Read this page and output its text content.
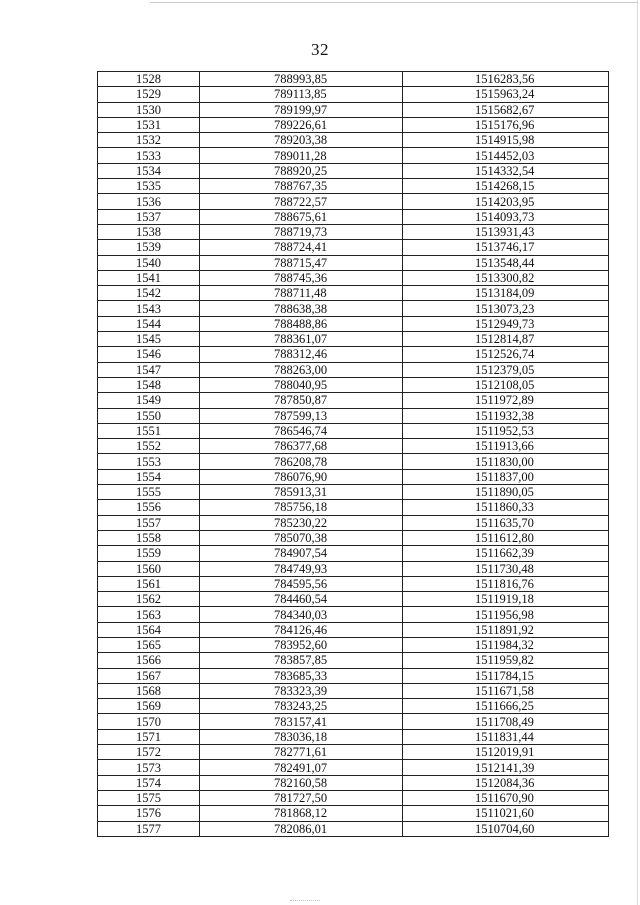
32
1528	788993,85	1516283,56
1529	789113,85	1515963,24
1530	789199,97	1515682,67
1531	789226,61	1515176,96
1532	789203,38	1514915,98
1533	789011,28	1514452,03
1534	788920,25	1514332,54
1535	788767,35	1514268,15
1536	788722,57	1514203,95
1537	788675,61	1514093,73
1538	788719,73	1513931,43
1539	788724,41	1513746,17
1540	788715,47	1513548,44
1541	788745,36	1513300,82
1542	788711,48	1513184,09
1543	788638,38	1513073,23
1544	788488,86	1512949,73
1545	788361,07	1512814,87
1546	788312,46	1512526,74
1547	788263,00	1512379,05
1548	788040,95	1512108,05
1549	787850,87	1511972,89
1550	787599,13	1511932,38
1551	786546,74	1511952,53
1552	786377,68	1511913,66
1553	786208,78	1511830,00
1554	786076,90	1511837,00
1555	785913,31	1511890,05
1556	785756,18	1511860,33
1557	785230,22	1511635,70
1558	785070,38	1511612,80
1559	784907,54	1511662,39
1560	784749,93	1511730,48
1561	784595,56	1511816,76
1562	784460,54	1511919,18
1563	784340,03	1511956,98
1564	784126,46	1511891,92
1565	783952,60	1511984,32
1566	783857,85	1511959,82
1567	783685,33	1511784,15
1568	783323,39	1511671,58
1569	783243,25	1511666,25
1570	783157,41	1511708,49
1571	783036,18	1511831,44
1572	782771,61	1512019,91
1573	782491,07	1512141,39
1574	782160,58	1512084,36
1575	781727,50	1511670,90
1576	781868,12	1511021,60
1577	782086,01	1510704,60
